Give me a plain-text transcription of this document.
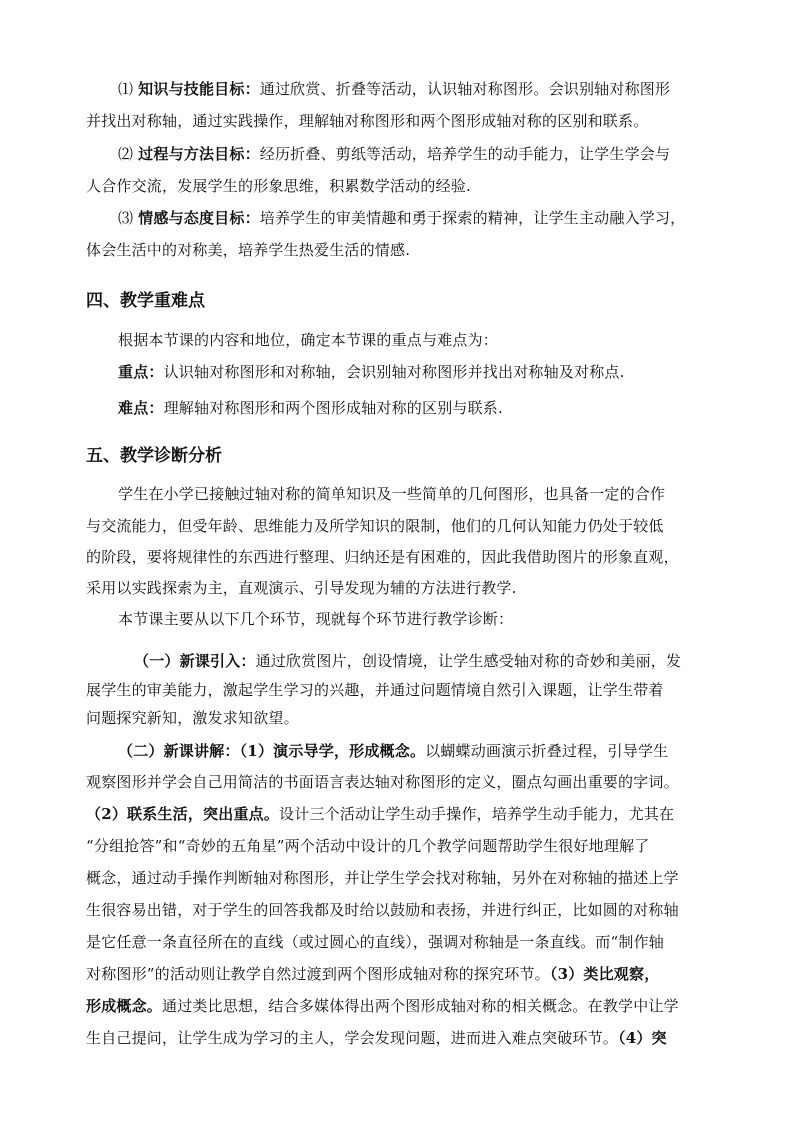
⑴ 知识与技能目标：通过欣赏、折叠等活动，认识轴对称图形。会识别轴对称图形
并找出对称轴，通过实践操作，理解轴对称图形和两个图形成轴对称的区别和联系。
⑵ 过程与方法目标：经历折叠、剪纸等活动，培养学生的动手能力，让学生学会与
人合作交流，发展学生的形象思维，积累数学活动的经验.
⑶ 情感与态度目标：培养学生的审美情趣和勇于探索的精神，让学生主动融入学习，
体会生活中的对称美，培养学生热爱生活的情感.
四、教学重难点
根据本节课的内容和地位，确定本节课的重点与难点为：
重点：认识轴对称图形和对称轴，会识别轴对称图形并找出对称轴及对称点.
难点：理解轴对称图形和两个图形成轴对称的区别与联系.
五、教学诊断分析
学生在小学已接触过轴对称的简单知识及一些简单的几何图形，也具备一定的合作
与交流能力，但受年龄、思维能力及所学知识的限制，他们的几何认知能力仍处于较低
的阶段，要将规律性的东西进行整理、归纳还是有困难的，因此我借助图片的形象直观，
采用以实践探索为主，直观演示、引导发现为辅的方法进行教学.
本节课主要从以下几个环节，现就每个环节进行教学诊断：
（一）新课引入：通过欣赏图片，创设情境，让学生感受轴对称的奇妙和美丽，发
展学生的审美能力，激起学生学习的兴趣，并通过问题情境自然引入课题，让学生带着
问题探究新知，激发求知欲望。
（二）新课讲解：（1）演示导学，形成概念。以蝴蝶动画演示折叠过程，引导学生
观察图形并学会自己用简洁的书面语言表达轴对称图形的定义，圈点勾画出重要的字词。
（2）联系生活，突出重点。设计三个活动让学生动手操作，培养学生动手能力，尤其在
“分组抢答”和“奇妙的五角星”两个活动中设计的几个教学问题帮助学生很好地理解了
概念，通过动手操作判断轴对称图形，并让学生学会找对称轴，另外在对称轴的描述上学
生很容易出错，对于学生的回答我都及时给以鼓励和表扬，并进行纠正，比如圆的对称轴
是它任意一条直径所在的直线（或过圆心的直线），强调对称轴是一条直线。而“制作轴
对称图形”的活动则让教学自然过渡到两个图形成轴对称的探究环节。（3）类比观察，
形成概念。通过类比思想，结合多媒体得出两个图形成轴对称的相关概念。在教学中让学
生自己提问，让学生成为学习的主人，学会发现问题，进而进入难点突破环节。（4）突
